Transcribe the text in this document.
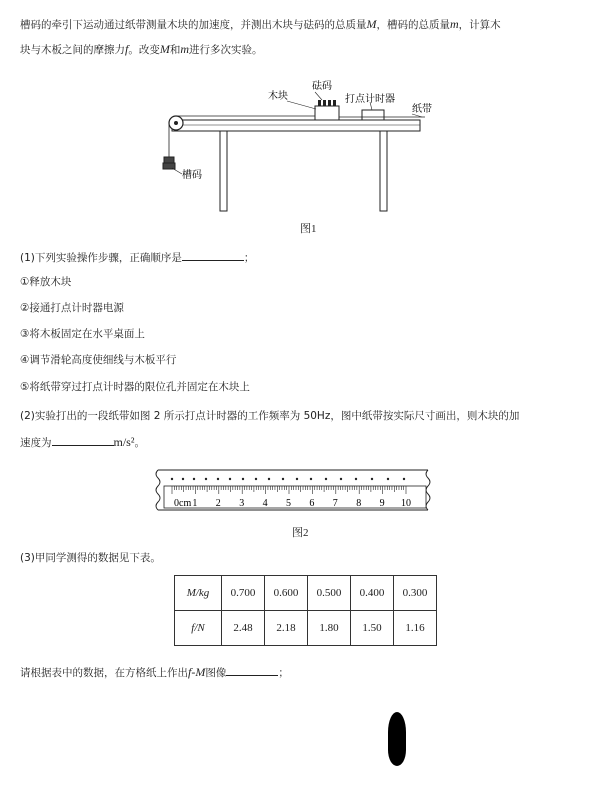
槽码的牵引下运动通过纸带测量木块的加速度，并测出木块与砝码的总质量M，槽码的总质量m，计算木
块与木板之间的摩擦力f。改变M和m进行多次实验。
砝码
木块	打点计时器
纸带
槽码
图1
(1)下列实验操作步骤，正确顺序是	；
①释放木块
②接通打点计时器电源
③将木板固定在水平桌面上
④调节滑轮高度使细线与木板平行
⑤将纸带穿过打点计时器的限位孔并固定在木块上
(2)实验打出的一段纸带如图 2 所示打点计时器的工作频率为 50Hz，图中纸带按实际尺寸画出，则木块的加
速度为	m/s²。
0cm 1 2 3 4 5 6 7 8 9 10
图2
(3)甲同学测得的数据见下表。
M/kg	0.700	0.600	0.500	0.400	0.300
f/N	2.48	2.18	1.80	1.50	1.16
请根据表中的数据，在方格纸上作出f-M图像	；
